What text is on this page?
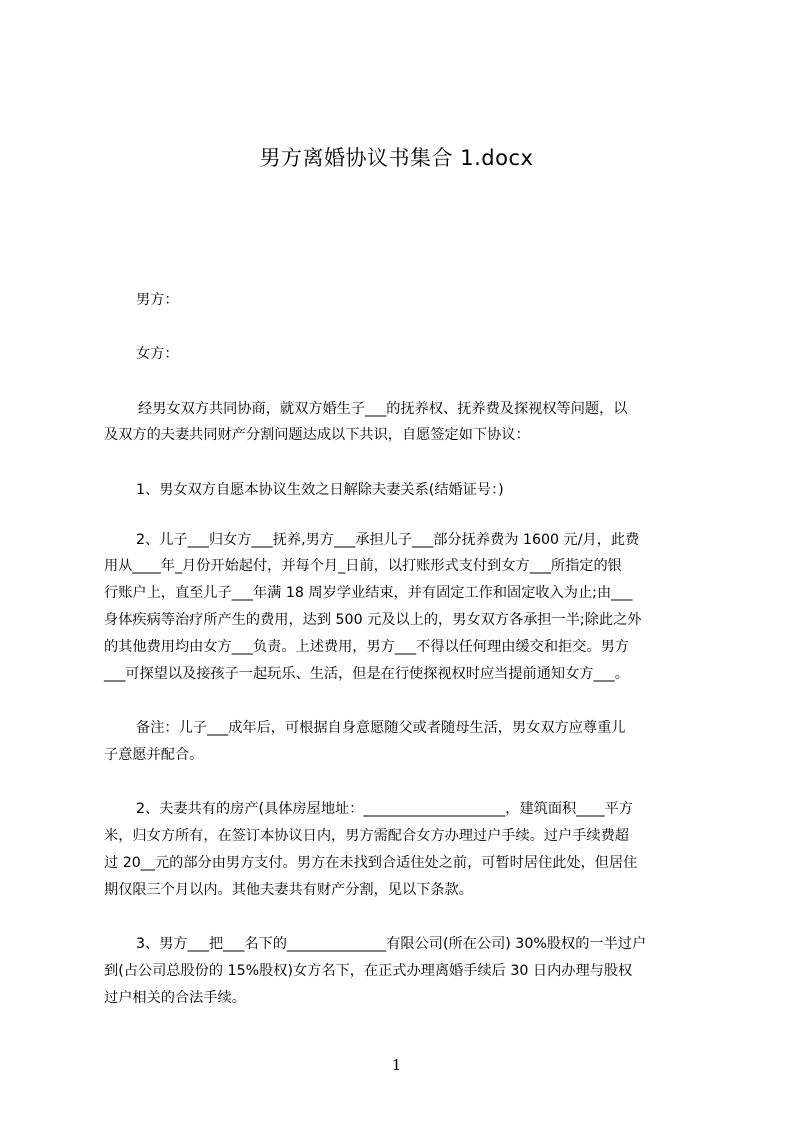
男方离婚协议书集合 1.docx
男方：
女方：
经男女双方共同协商，就双方婚生子___的抚养权、抚养费及探视权等问题，以
及双方的夫妻共同财产分割问题达成以下共识，自愿签定如下协议：
1、男女双方自愿本协议生效之日解除夫妻关系(结婚证号：)
2、儿子___归女方___抚养,男方___承担儿子___部分抚养费为 1600 元/月，此费
用从____年_月份开始起付，并每个月_日前，以打账形式支付到女方___所指定的银
行账户上，直至儿子___年满 18 周岁学业结束，并有固定工作和固定收入为止;由___
身体疾病等治疗所产生的费用，达到 500 元及以上的，男女双方各承担一半;除此之外
的其他费用均由女方___负责。上述费用，男方___不得以任何理由缓交和拒交。男方
___可探望以及接孩子一起玩乐、生活，但是在行使探视权时应当提前通知女方___。
备注：儿子___成年后，可根据自身意愿随父或者随母生活，男女双方应尊重儿
子意愿并配合。
2、夫妻共有的房产(具体房屋地址：____________________，建筑面积____平方
米，归女方所有，在签订本协议日内，男方需配合女方办理过户手续。过户手续费超
过 20__元的部分由男方支付。男方在未找到合适住处之前，可暂时居住此处，但居住
期仅限三个月以内。其他夫妻共有财产分割，见以下条款。
3、男方___把___名下的______________有限公司(所在公司) 30%股权的一半过户
到(占公司总股份的 15%股权)女方名下，在正式办理离婚手续后 30 日内办理与股权
过户相关的合法手续。
1
